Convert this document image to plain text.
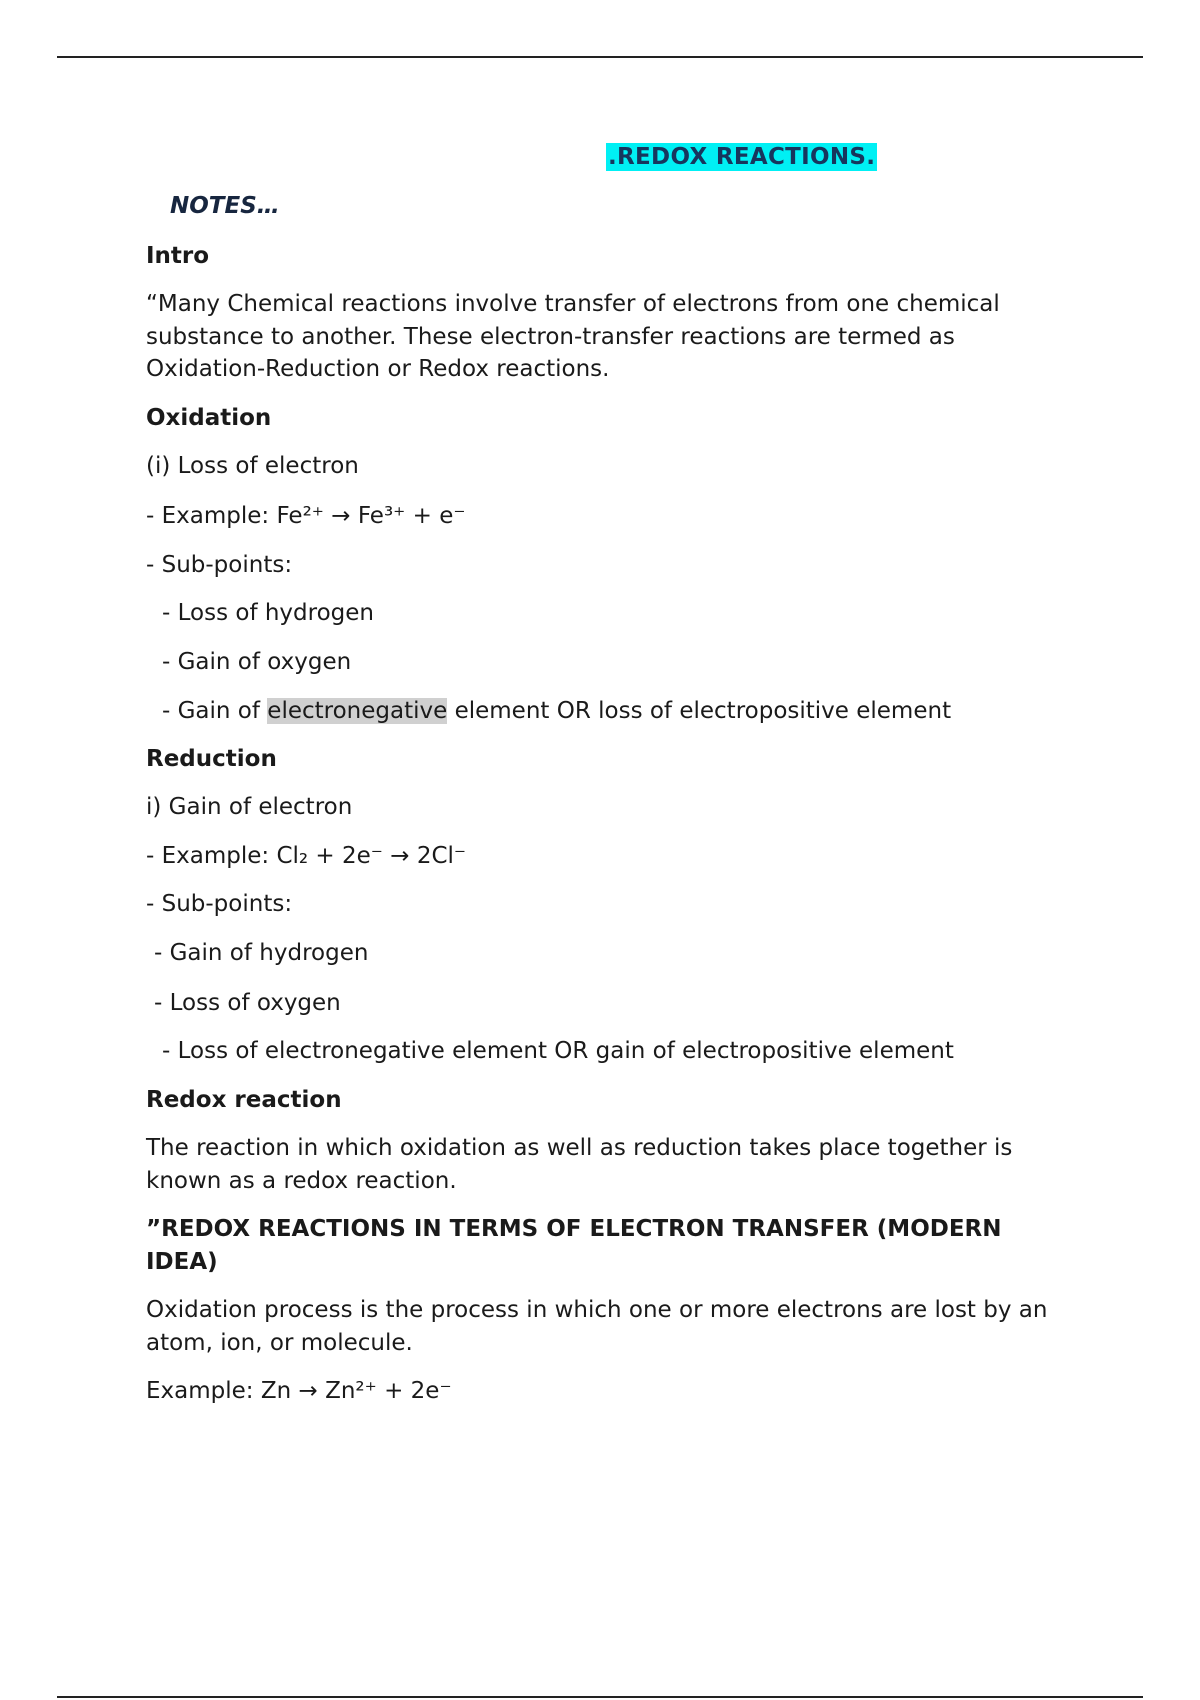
.REDOX REACTIONS.
NOTES…
Intro
“Many Chemical reactions involve transfer of electrons from one chemical substance to another. These electron-transfer reactions are termed as Oxidation-Reduction or Redox reactions.
Oxidation
(i) Loss of electron
- Example: Fe²⁺ → Fe³⁺ + e⁻
- Sub-points:
- Loss of hydrogen
- Gain of oxygen
- Gain of electronegative element OR loss of electropositive element
Reduction
i) Gain of electron
- Example: Cl₂ + 2e⁻ → 2Cl⁻
- Sub-points:
- Gain of hydrogen
- Loss of oxygen
- Loss of electronegative element OR gain of electropositive element
Redox reaction
The reaction in which oxidation as well as reduction takes place together is known as a redox reaction.
”REDOX REACTIONS IN TERMS OF ELECTRON TRANSFER (MODERN IDEA)
Oxidation process is the process in which one or more electrons are lost by an atom, ion, or molecule.
Example: Zn → Zn²⁺ + 2e⁻
